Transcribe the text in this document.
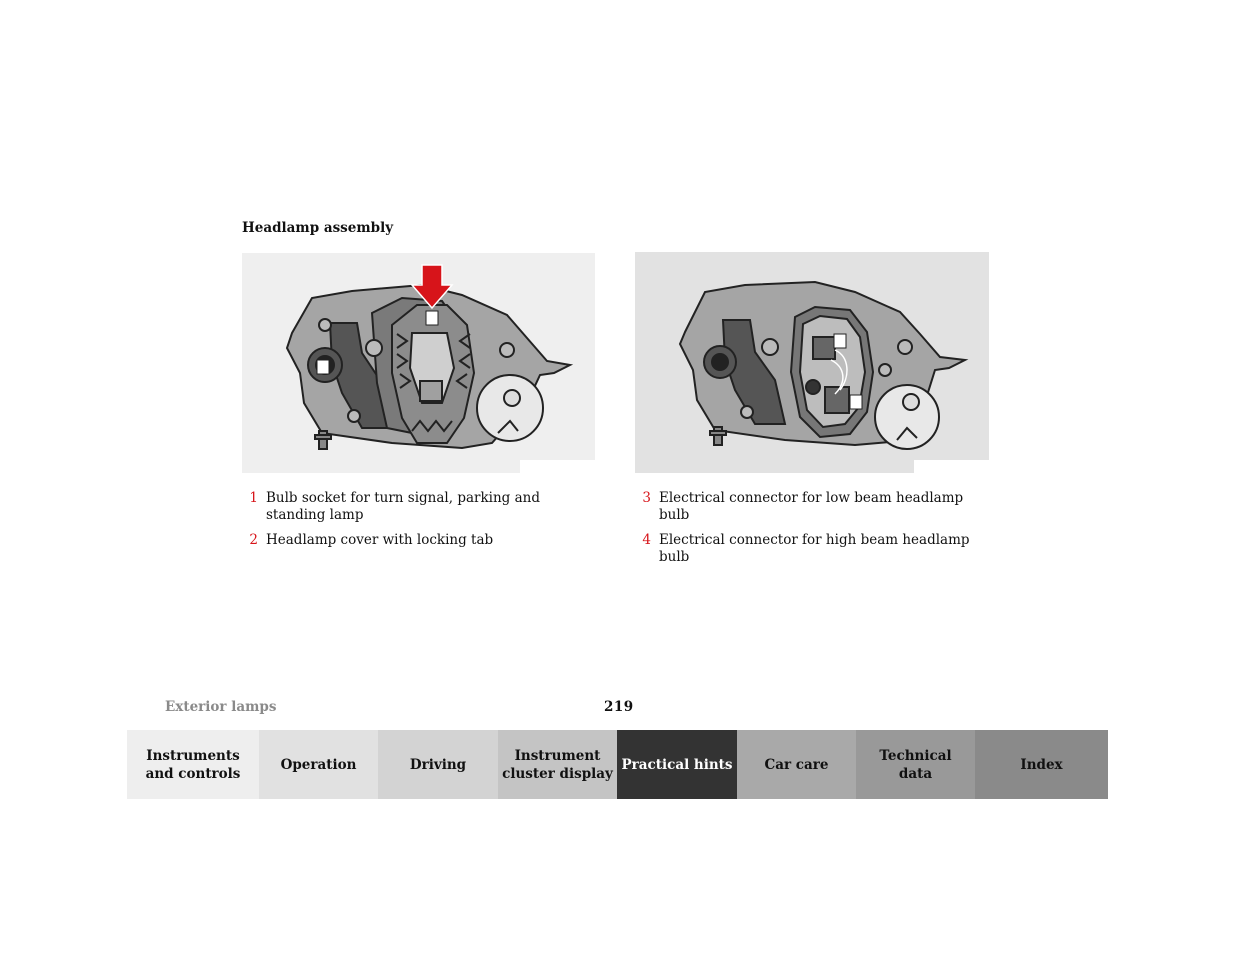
Headlamp assembly
1 Bulb socket for turn signal, parking and standing lamp
2 Headlamp cover with locking tab
3 Electrical connector for low beam headlamp bulb
4 Electrical connector for high beam headlamp bulb
Exterior lamps	219
Instruments
and controls
Operation	Driving
Instrument
cluster display
Practical hints Car care
Technical
data
Index
